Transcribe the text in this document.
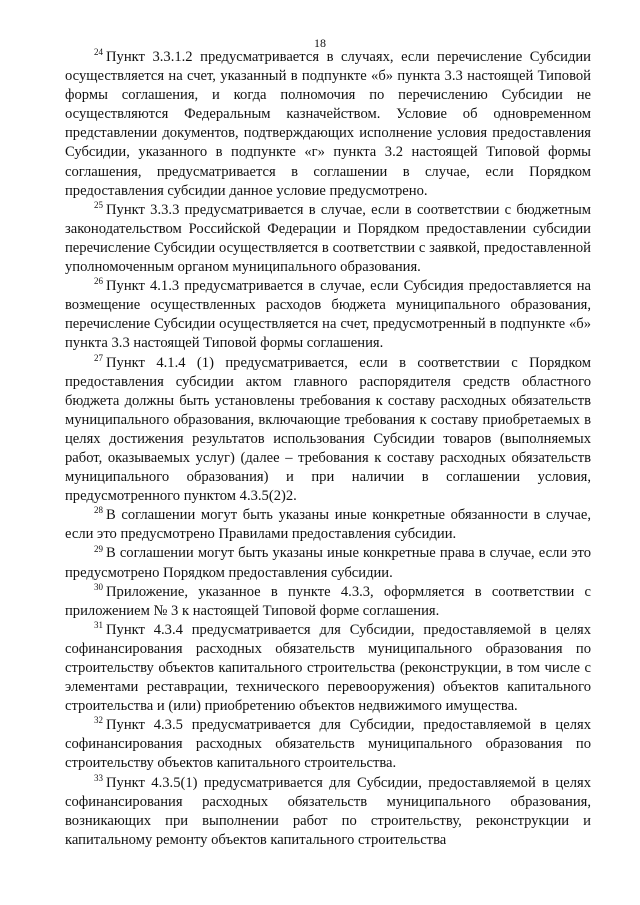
18

$^{24}$ Пункт 3.3.1.2 предусматривается в случаях, если перечисление Субсидии осуществляется на счет, указанный в подпункте «б» пункта 3.3 настоящей Типовой формы соглашения, и когда полномочия по перечислению Субсидии не осуществляются Федеральным казначейством. Условие об одновременном представлении документов, подтверждающих исполнение условия предоставления Субсидии, указанного в подпункте «г» пункта 3.2 настоящей Типовой формы соглашения, предусматривается в соглашении в случае, если Порядком предоставления субсидии данное условие предусмотрено.

$^{25}$ Пункт 3.3.3 предусматривается в случае, если в соответствии с бюджетным законодательством Российской Федерации и Порядком предоставлении субсидии перечисление Субсидии осуществляется в соответствии с заявкой, предоставленной уполномоченным органом муниципального образования.

$^{26}$ Пункт 4.1.3 предусматривается в случае, если Субсидия предоставляется на возмещение осуществленных расходов бюджета муниципального образования, перечисление Субсидии осуществляется на счет, предусмотренный в подпункте «б» пункта 3.3 настоящей Типовой формы соглашения.

$^{27}$ Пункт 4.1.4 (1) предусматривается, если в соответствии с Порядком предоставления субсидии актом главного распорядителя средств областного бюджета должны быть установлены требования к составу расходных обязательств муниципального образования, включающие требования к составу приобретаемых в целях достижения результатов использования Субсидии товаров (выполняемых работ, оказываемых услуг) (далее – требования к составу расходных обязательств муниципального образования) и при наличии в соглашении условия, предусмотренного пунктом 4.3.5(2)2.

$^{28}$ В соглашении могут быть указаны иные конкретные обязанности в случае, если это предусмотрено Правилами предоставления субсидии.

$^{29}$ В соглашении могут быть указаны иные конкретные права в случае, если это предусмотрено Порядком предоставления субсидии.

$^{30}$ Приложение, указанное в пункте 4.3.3, оформляется в соответствии с приложением № 3 к настоящей Типовой форме соглашения.

$^{31}$ Пункт 4.3.4 предусматривается для Субсидии, предоставляемой в целях софинансирования расходных обязательств муниципального образования по строительству объектов капитального строительства (реконструкции, в том числе с элементами реставрации, технического перевооружения) объектов капитального строительства и (или) приобретению объектов недвижимого имущества.

$^{32}$ Пункт 4.3.5 предусматривается для Субсидии, предоставляемой в целях софинансирования расходных обязательств муниципального образования по строительству объектов капитального строительства.

$^{33}$ Пункт 4.3.5(1) предусматривается для Субсидии, предоставляемой в целях софинансирования расходных обязательств муниципального образования, возникающих при выполнении работ по строительству, реконструкции и капитальному ремонту объектов капитального строительства
